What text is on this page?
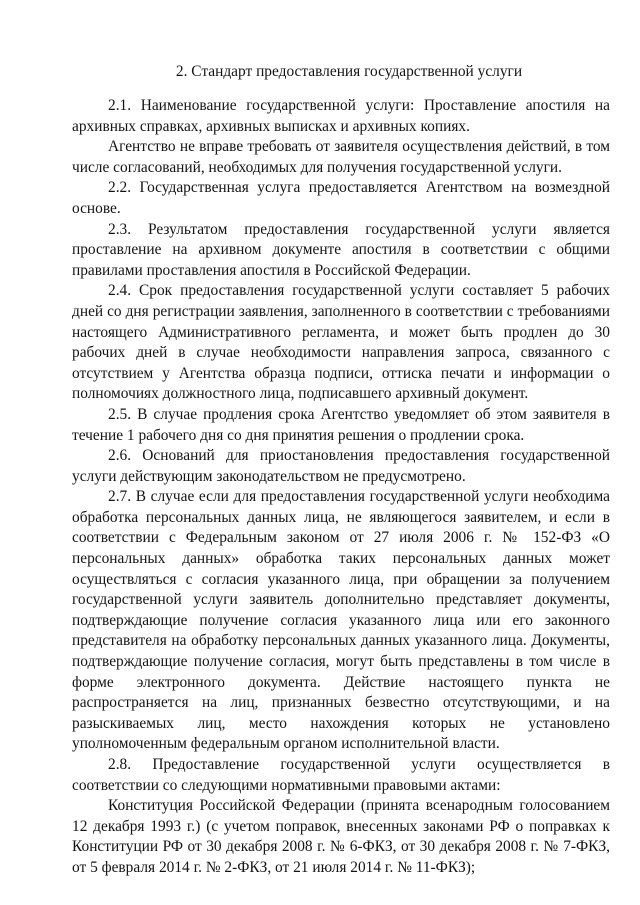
2. Стандарт предоставления государственной услуги

2.1. Наименование государственной услуги: Проставление апостиля на архивных справках, архивных выписках и архивных копиях.

Агентство не вправе требовать от заявителя осуществления действий, в том числе согласований, необходимых для получения государственной услуги.

2.2. Государственная услуга предоставляется Агентством на возмездной основе.

2.3. Результатом предоставления государственной услуги является проставление на архивном документе апостиля в соответствии с общими правилами проставления апостиля в Российской Федерации.

2.4. Срок предоставления государственной услуги составляет 5 рабочих дней со дня регистрации заявления, заполненного в соответствии с требованиями настоящего Административного регламента, и может быть продлен до 30 рабочих дней в случае необходимости направления запроса, связанного с отсутствием у Агентства образца подписи, оттиска печати и информации о полномочиях должностного лица, подписавшего архивный документ.

2.5. В случае продления срока Агентство уведомляет об этом заявителя в течение 1 рабочего дня со дня принятия решения о продлении срока.

2.6. Оснований для приостановления предоставления государственной услуги действующим законодательством не предусмотрено.

2.7. В случае если для предоставления государственной услуги необходима обработка персональных данных лица, не являющегося заявителем, и если в соответствии с Федеральным законом от 27 июля 2006 г. № 152-ФЗ «О персональных данных» обработка таких персональных данных может осуществляться с согласия указанного лица, при обращении за получением государственной услуги заявитель дополнительно представляет документы, подтверждающие получение согласия указанного лица или его законного представителя на обработку персональных данных указанного лица. Документы, подтверждающие получение согласия, могут быть представлены в том числе в форме электронного документа. Действие настоящего пункта не распространяется на лиц, признанных безвестно отсутствующими, и на разыскиваемых лиц, место нахождения которых не установлено уполномоченным федеральным органом исполнительной власти.

2.8. Предоставление государственной услуги осуществляется в соответствии со следующими нормативными правовыми актами:

Конституция Российской Федерации (принята всенародным голосованием 12 декабря 1993 г.) (с учетом поправок, внесенных законами РФ о поправках к Конституции РФ от 30 декабря 2008 г. № 6-ФКЗ, от 30 декабря 2008 г. № 7-ФКЗ, от 5 февраля 2014 г. № 2-ФКЗ, от 21 июля 2014 г. № 11-ФКЗ);
